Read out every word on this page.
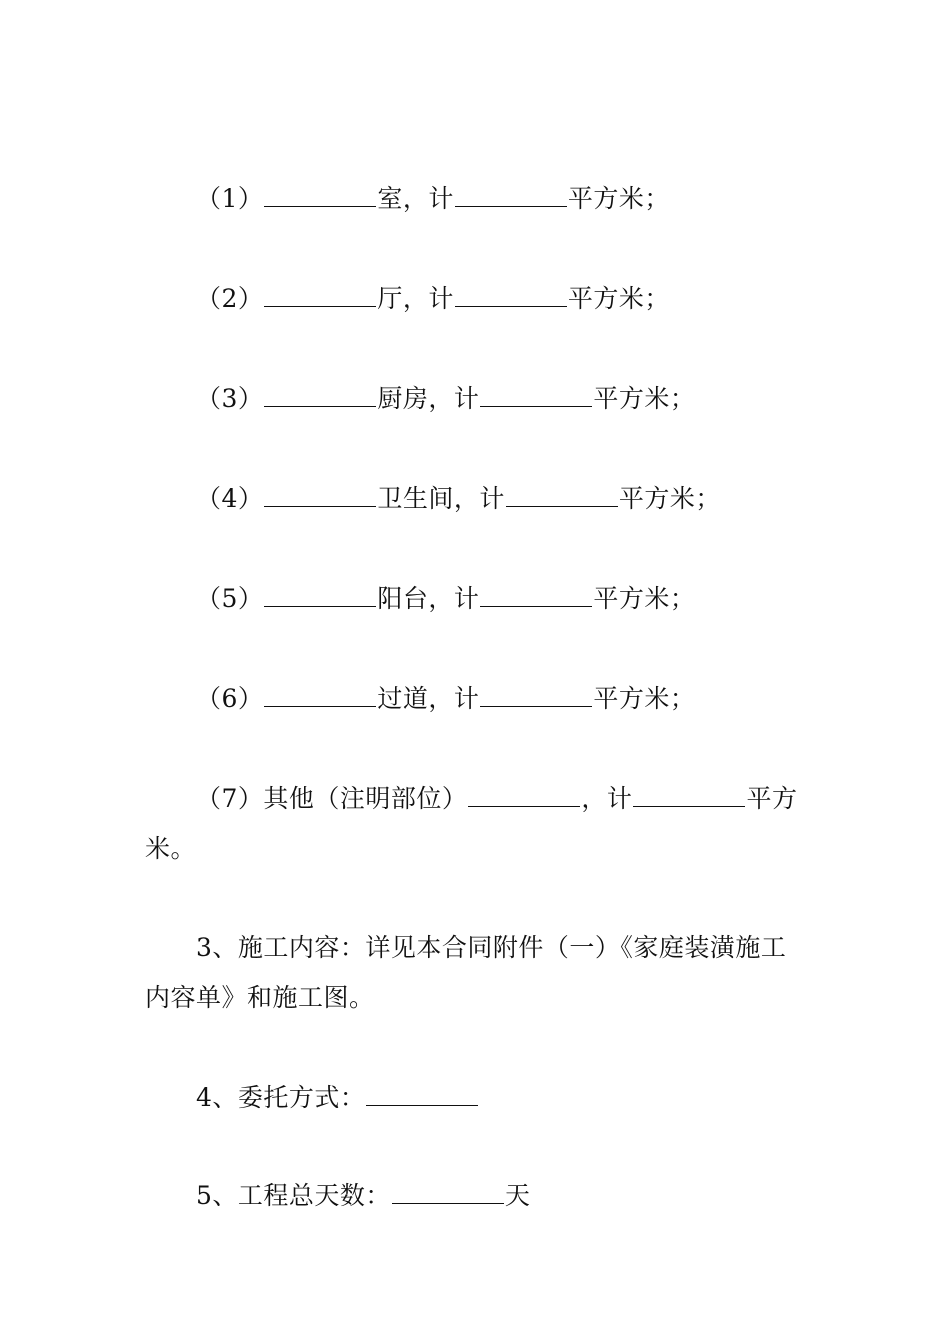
（1）	室，计	平方米；
（2）	厅，计	平方米；
（3）	厨房，计	平方米；
（4）	卫生间，计	平方米；
（5）	阳台，计	平方米；
（6）	过道，计	平方米；
（7）其他（注明部位）	，计	平方
米。
3、施工内容：详见本合同附件（一）《家庭装潢施工
内容单》和施工图。
4、委托方式：
5、工程总天数：	天
